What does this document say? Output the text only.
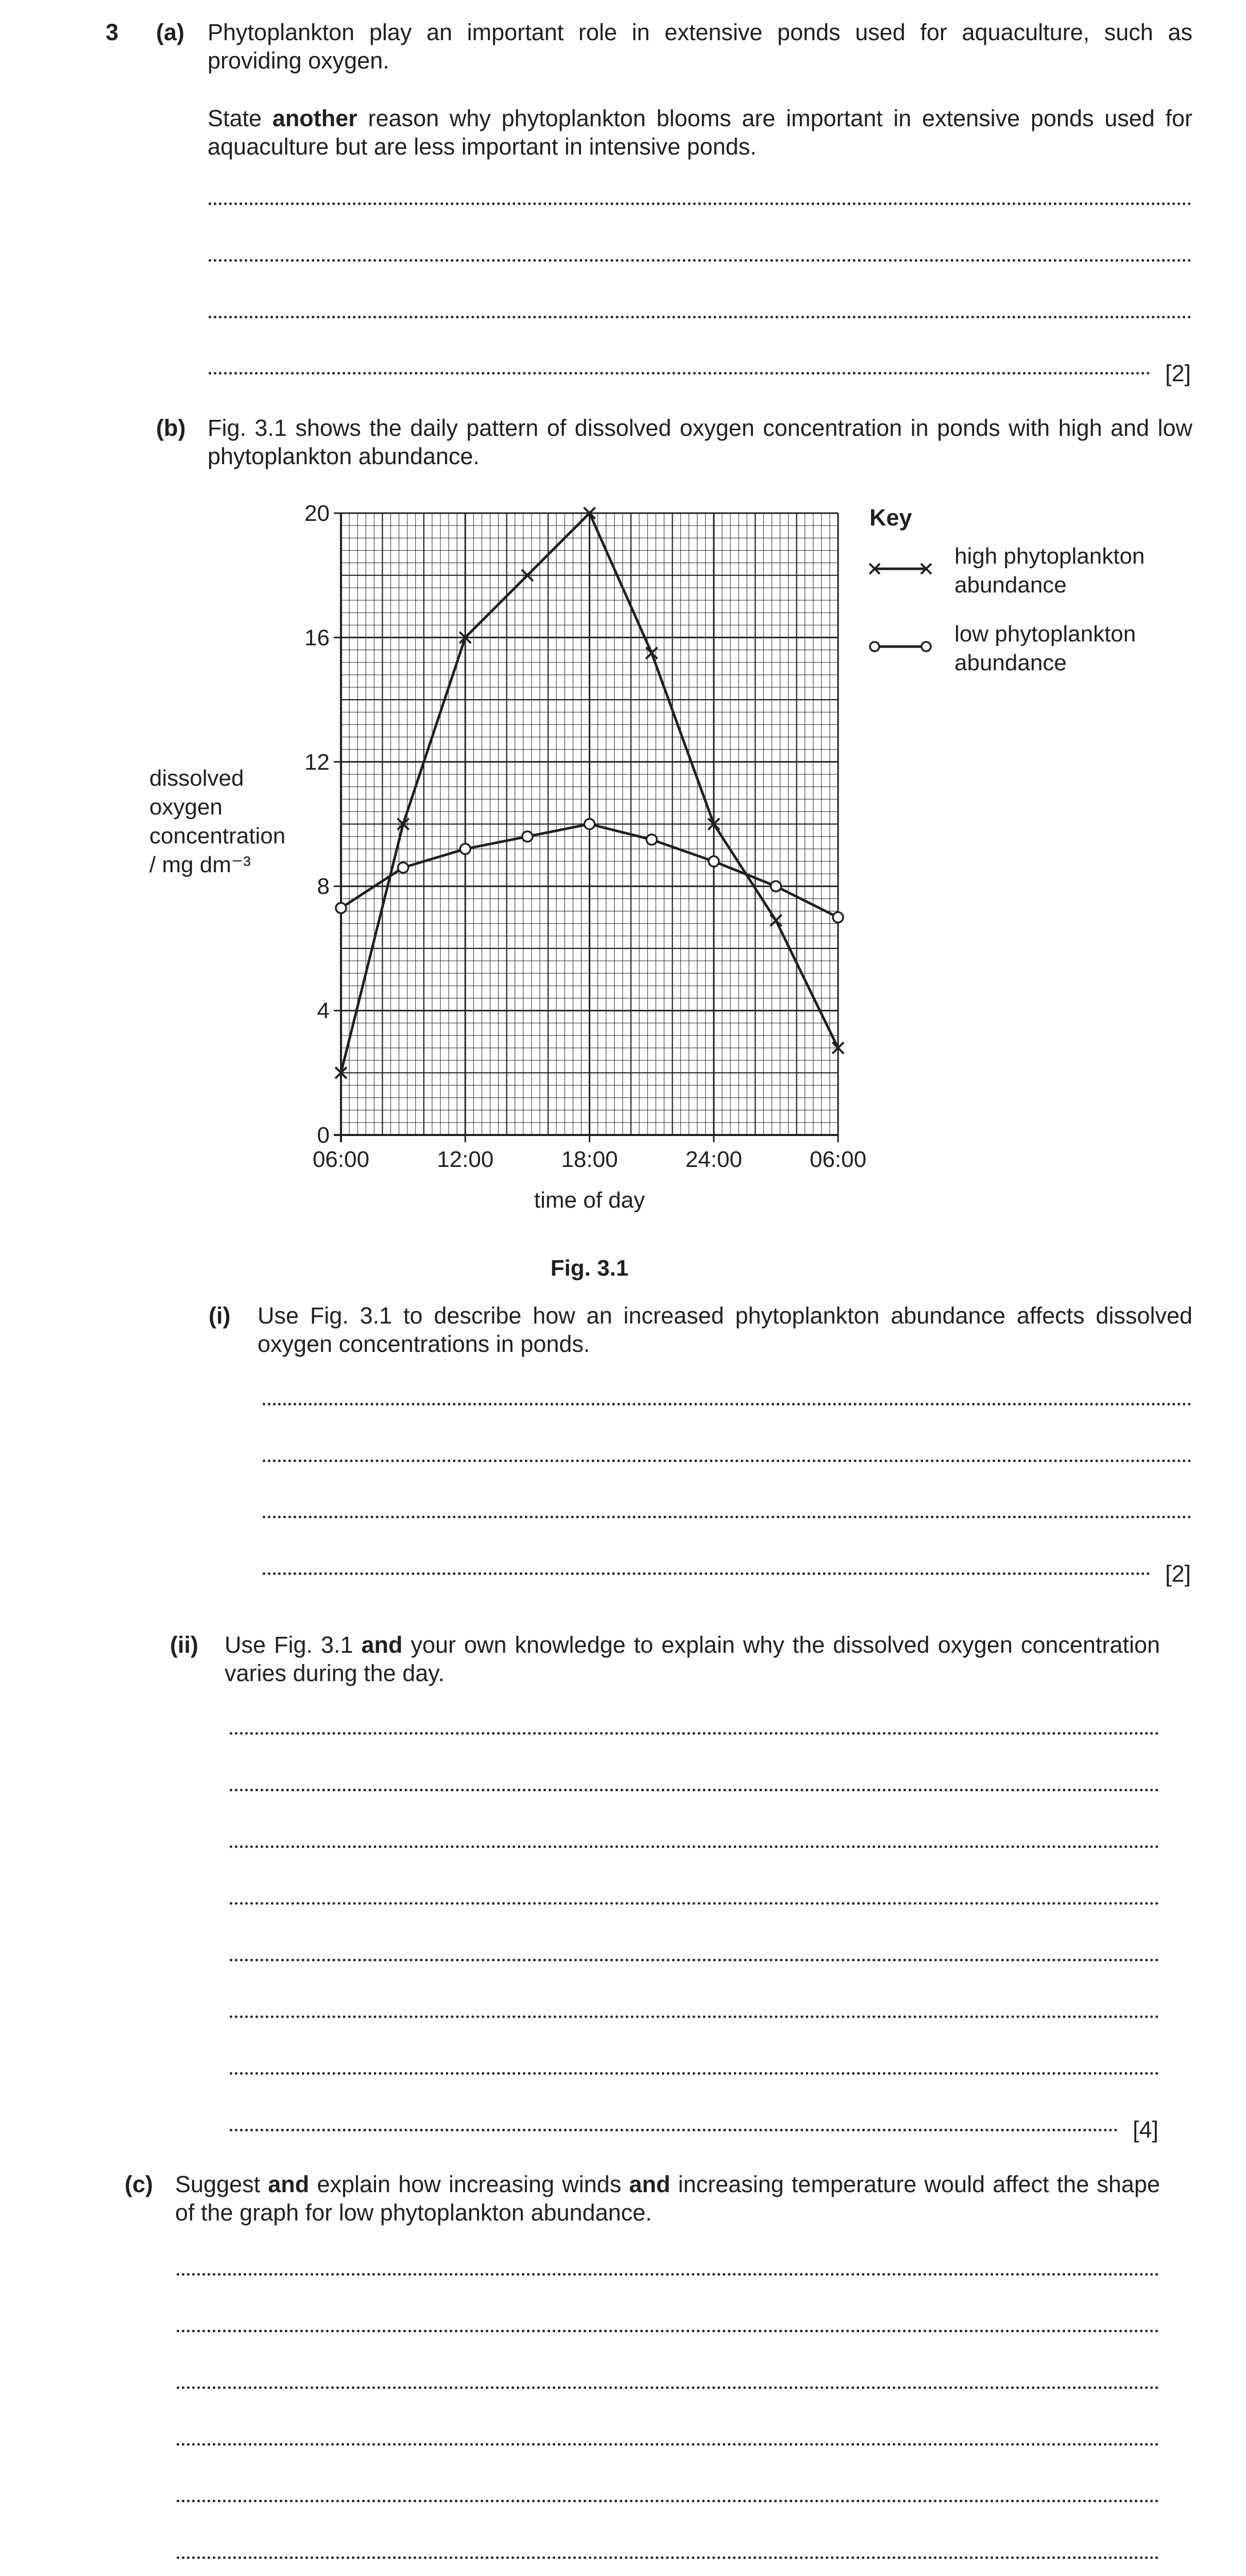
3 (a) Phytoplankton play an important role in extensive ponds used for aquaculture, such as providing oxygen.

State another reason why phytoplankton blooms are important in extensive ponds used for aquaculture but are less important in intensive ponds.

[2]

(b) Fig. 3.1 shows the daily pattern of dissolved oxygen concentration in ponds with high and low phytoplankton abundance.

0
4
8
12
16
20
06:00	12:00	18:00	24:00	06:00
time of day
Fig. 3.1
Key
high phytoplankton
abundance
low phytoplankton
abundance

dissolved
oxygen
concentration
/ mg dm⁻³

(i) Use Fig. 3.1 to describe how an increased phytoplankton abundance affects dissolved oxygen concentrations in ponds.

[2]

(ii) Use Fig. 3.1 and your own knowledge to explain why the dissolved oxygen concentration varies during the day.

[4]

(c) Suggest and explain how increasing winds and increasing temperature would affect the shape of the graph for low phytoplankton abundance.
